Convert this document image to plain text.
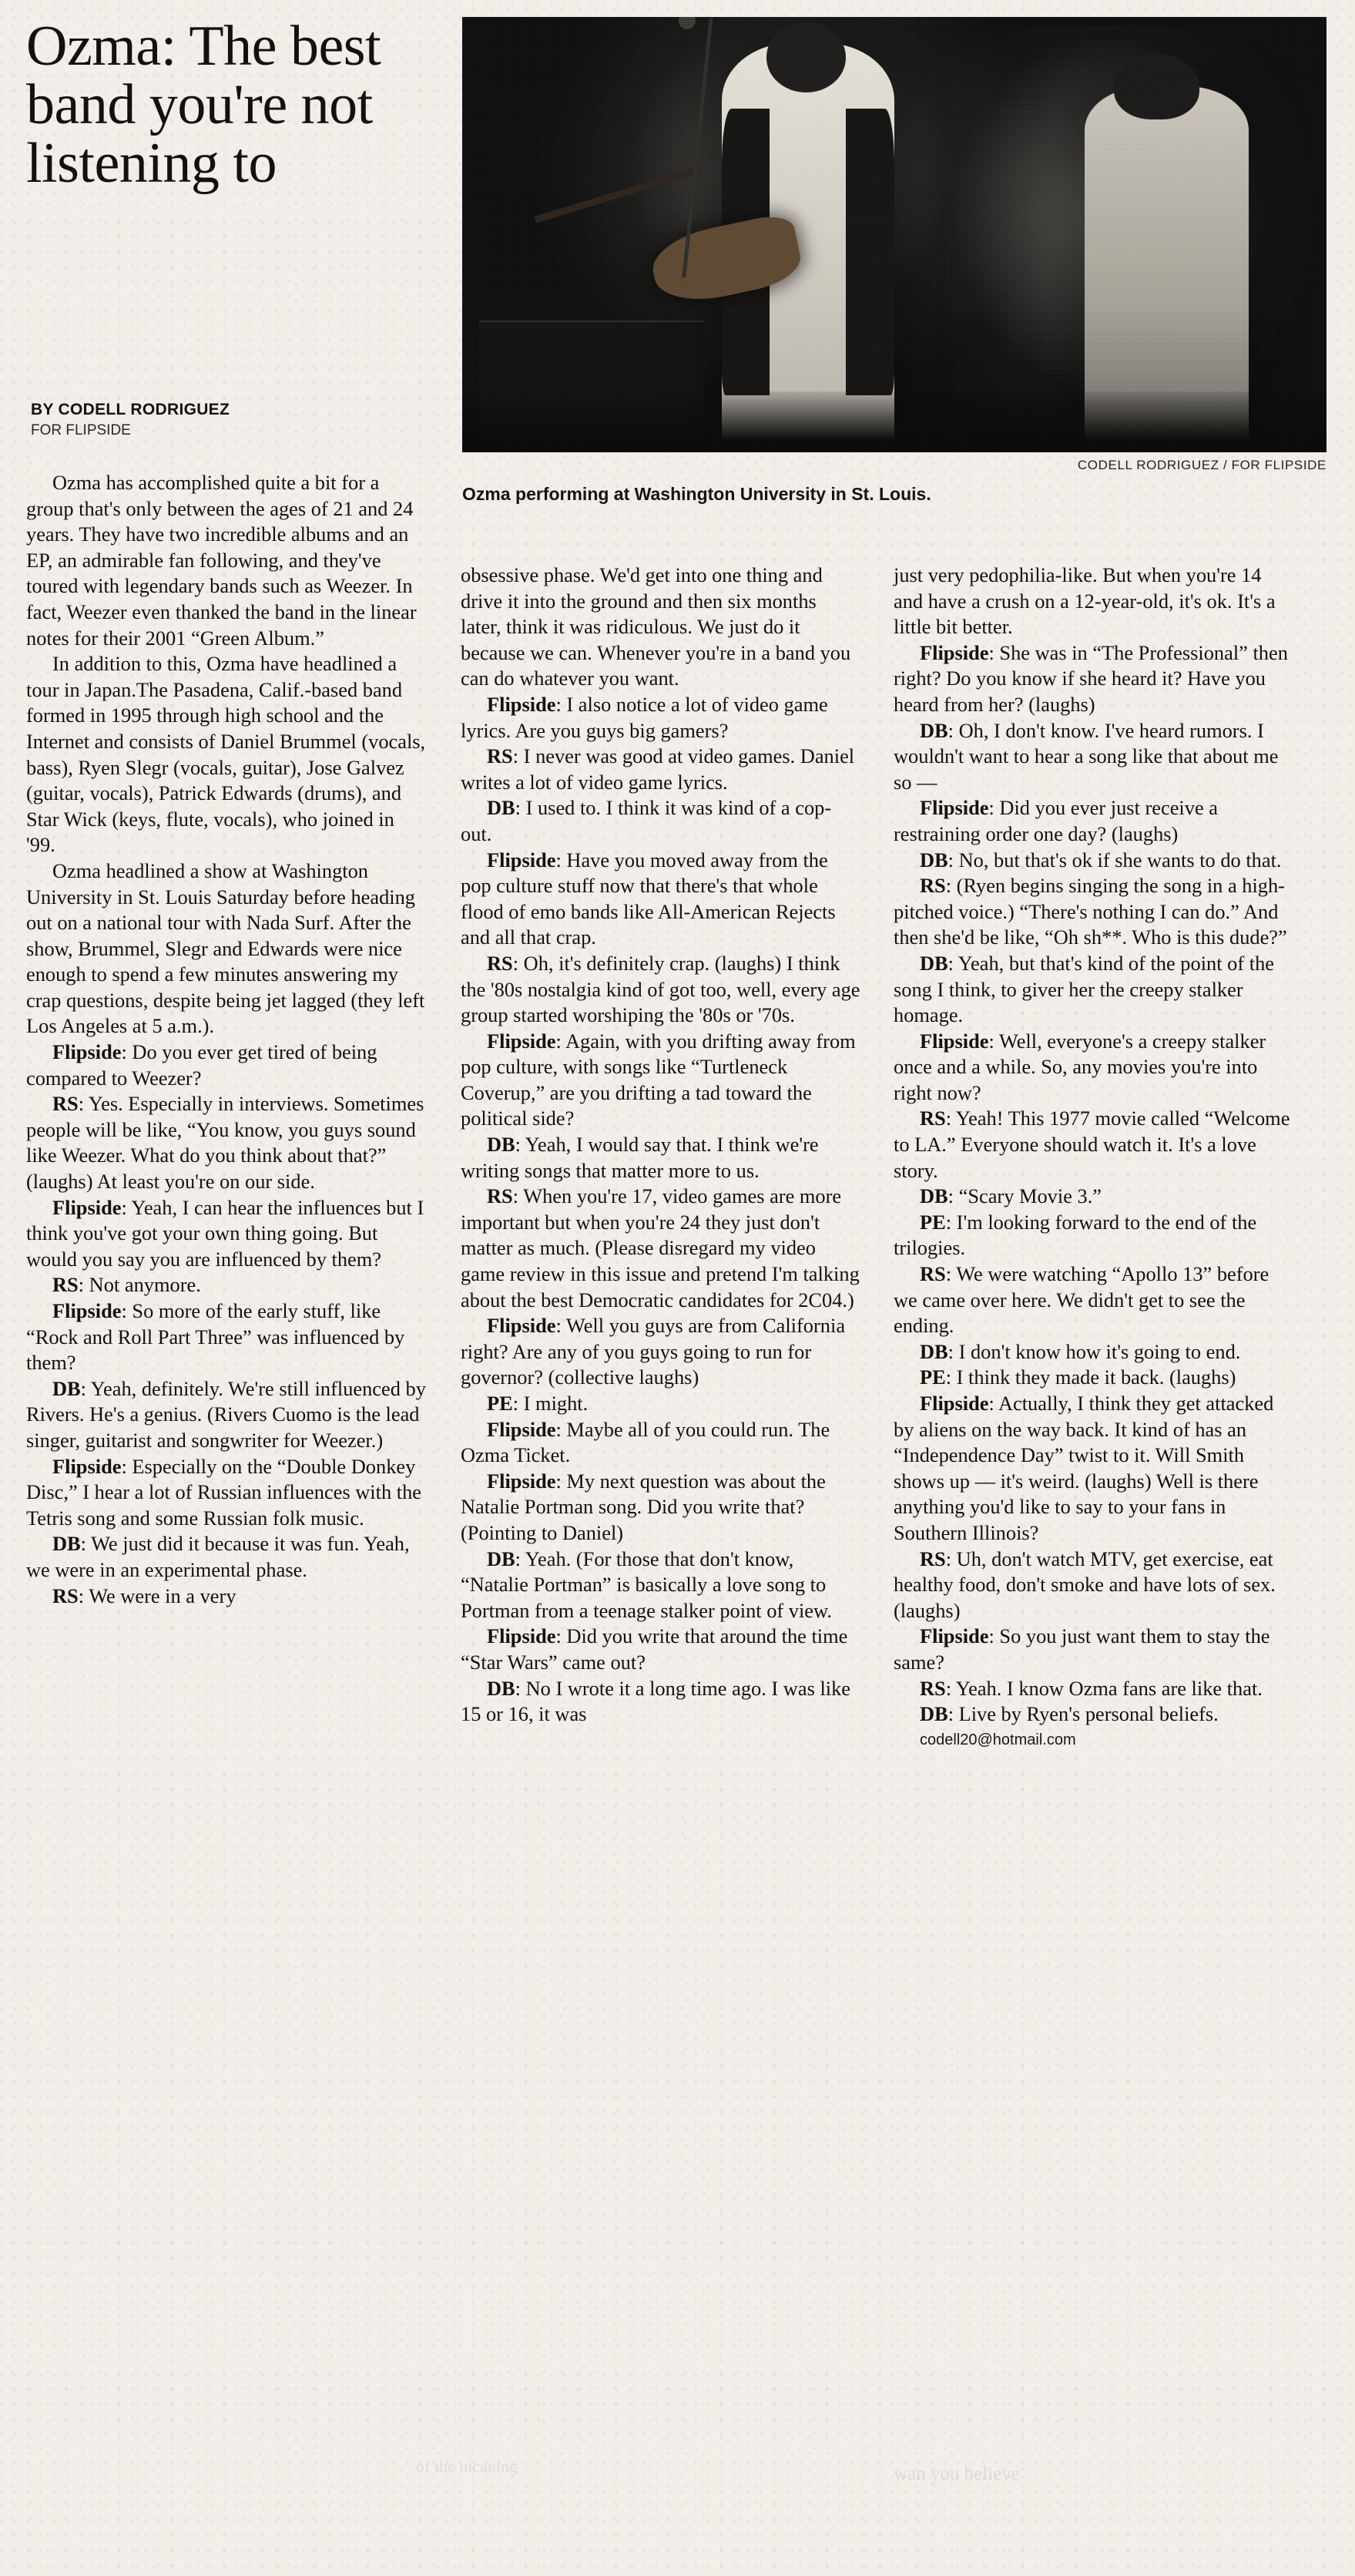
Ozma: The best band you're not listening to
BY CODELL RODRIGUEZ
FOR FLIPSIDE
CODELL RODRIGUEZ / FOR FLIPSIDE
Ozma performing at Washington University in St. Louis.

Ozma has accomplished quite a bit for a group that's only between the ages of 21 and 24 years. They have two incredible albums and an EP, an admirable fan following, and they've toured with legendary bands such as Weezer. In fact, Weezer even thanked the band in the linear notes for their 2001 “Green Album.”

In addition to this, Ozma have headlined a tour in Japan.The Pasadena, Calif.-based band formed in 1995 through high school and the Internet and consists of Daniel Brummel (vocals, bass), Ryen Slegr (vocals, guitar), Jose Galvez (guitar, vocals), Patrick Edwards (drums), and Star Wick (keys, flute, vocals), who joined in '99.

Ozma headlined a show at Washington University in St. Louis Saturday before heading out on a national tour with Nada Surf. After the show, Brummel, Slegr and Edwards were nice enough to spend a few minutes answering my crap questions, despite being jet lagged (they left Los Angeles at 5 a.m.).

Flipside: Do you ever get tired of being compared to Weezer?

RS: Yes. Especially in interviews. Sometimes people will be like, “You know, you guys sound like Weezer. What do you think about that?” (laughs) At least you're on our side.

Flipside: Yeah, I can hear the influences but I think you've got your own thing going. But would you say you are influenced by them?

RS: Not anymore.

Flipside: So more of the early stuff, like “Rock and Roll Part Three” was influenced by them?

DB: Yeah, definitely. We're still influenced by Rivers. He's a genius. (Rivers Cuomo is the lead singer, guitarist and songwriter for Weezer.)

Flipside: Especially on the “Double Donkey Disc,” I hear a lot of Russian influences with the Tetris song and some Russian folk music.

DB: We just did it because it was fun. Yeah, we were in an experimental phase.

RS: We were in a very

obsessive phase. We'd get into one thing and drive it into the ground and then six months later, think it was ridiculous. We just do it because we can. Whenever you're in a band you can do whatever you want.

Flipside: I also notice a lot of video game lyrics. Are you guys big gamers?

RS: I never was good at video games. Daniel writes a lot of video game lyrics.

DB: I used to. I think it was kind of a cop-out.

Flipside: Have you moved away from the pop culture stuff now that there's that whole flood of emo bands like All-American Rejects and all that crap.

RS: Oh, it's definitely crap. (laughs) I think the '80s nostalgia kind of got too, well, every age group started worshiping the '80s or '70s.

Flipside: Again, with you drifting away from pop culture, with songs like “Turtleneck Coverup,” are you drifting a tad toward the political side?

DB: Yeah, I would say that. I think we're writing songs that matter more to us.

RS: When you're 17, video games are more important but when you're 24 they just don't matter as much. (Please disregard my video game review in this issue and pretend I'm talking about the best Democratic candidates for 2C04.)

Flipside: Well you guys are from California right? Are any of you guys going to run for governor? (collective laughs)

PE: I might.

Flipside: Maybe all of you could run. The Ozma Ticket.

Flipside: My next question was about the Natalie Portman song. Did you write that? (Pointing to Daniel)

DB: Yeah. (For those that don't know, “Natalie Portman” is basically a love song to Portman from a teenage stalker point of view.

Flipside: Did you write that around the time “Star Wars” came out?

DB: No I wrote it a long time ago. I was like 15 or 16, it was

just very pedophilia-like. But when you're 14 and have a crush on a 12-year-old, it's ok. It's a little bit better.

Flipside: She was in “The Professional” then right? Do you know if she heard it? Have you heard from her? (laughs)

DB: Oh, I don't know. I've heard rumors. I wouldn't want to hear a song like that about me so —

Flipside: Did you ever just receive a restraining order one day? (laughs)

DB: No, but that's ok if she wants to do that.

RS: (Ryen begins singing the song in a high-pitched voice.) “There's nothing I can do.” And then she'd be like, “Oh sh**. Who is this dude?”

DB: Yeah, but that's kind of the point of the song I think, to giver her the creepy stalker homage.

Flipside: Well, everyone's a creepy stalker once and a while. So, any movies you're into right now?

RS: Yeah! This 1977 movie called “Welcome to LA.” Everyone should watch it. It's a love story.

DB: “Scary Movie 3.”

PE: I'm looking forward to the end of the trilogies.

RS: We were watching “Apollo 13” before we came over here. We didn't get to see the ending.

DB: I don't know how it's going to end.

PE: I think they made it back. (laughs)

Flipside: Actually, I think they get attacked by aliens on the way back. It kind of has an “Independence Day” twist to it. Will Smith shows up — it's weird. (laughs) Well is there anything you'd like to say to your fans in Southern Illinois?

RS: Uh, don't watch MTV, get exercise, eat healthy food, don't smoke and have lots of sex. (laughs)

Flipside: So you just want them to stay the same?

RS: Yeah. I know Ozma fans are like that.

DB: Live by Ryen's personal beliefs.

codell20@hotmail.com

wan you believe
of the nicaning
